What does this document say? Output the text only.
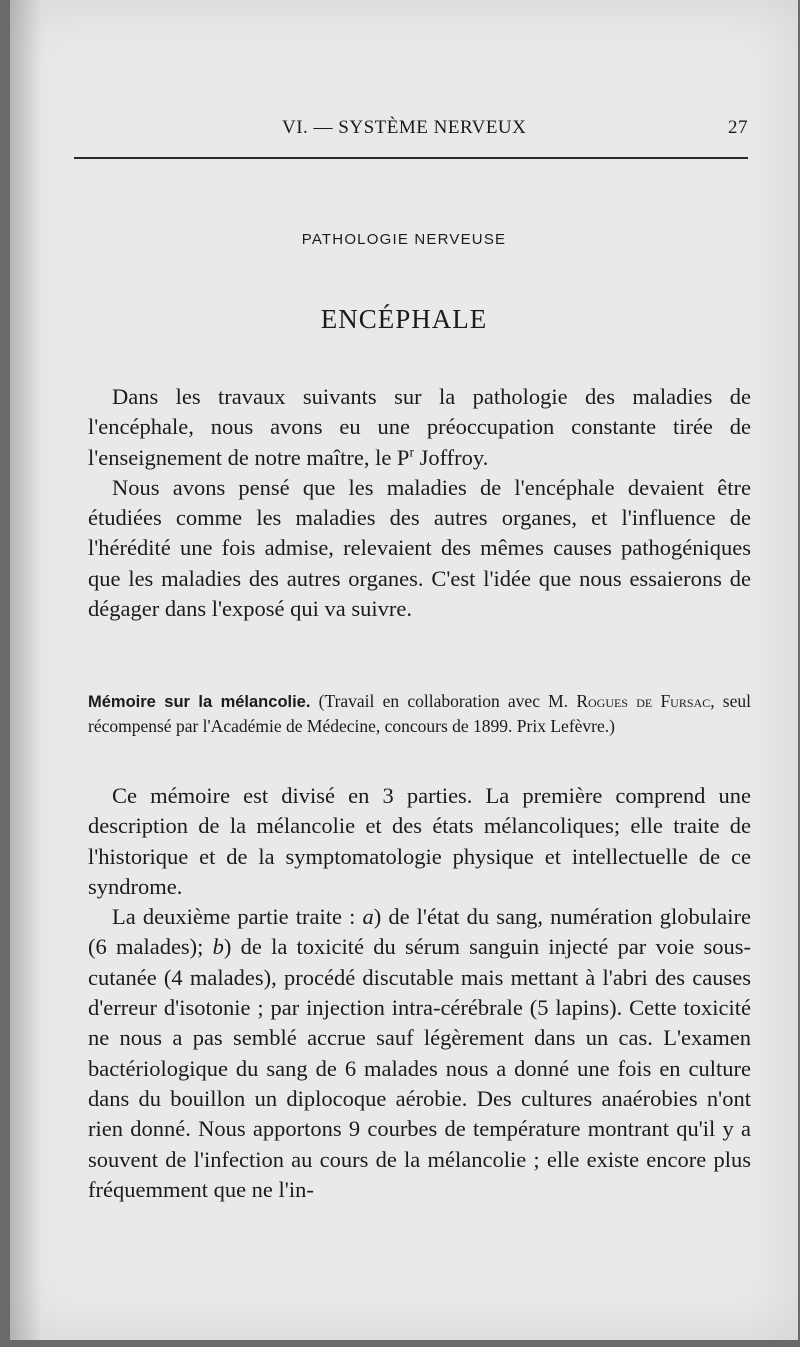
VI. — SYSTÈME NERVEUX	27
PATHOLOGIE NERVEUSE
ENCÉPHALE

Dans les travaux suivants sur la pathologie des maladies de l'encéphale, nous avons eu une préoccupation constante tirée de l'enseignement de notre maître, le $P^r$ Joffroy.

Nous avons pensé que les maladies de l'encéphale devaient être étudiées comme les maladies des autres organes, et l'influence de l'hérédité une fois admise, relevaient des mêmes causes pathogéniques que les maladies des autres organes. C'est l'idée que nous essaierons de dégager dans l'exposé qui va suivre.

Mémoire sur la mélancolie. (Travail en collaboration avec M. Rogues de Fursac, seul récompensé par l'Académie de Médecine, concours de 1899. Prix Lefèvre.)

Ce mémoire est divisé en 3 parties. La première comprend une description de la mélancolie et des états mélancoliques; elle traite de l'historique et de la symptomatologie physique et intellectuelle de ce syndrome.

La deuxième partie traite : a) de l'état du sang, numération globulaire (6 malades); b) de la toxicité du sérum sanguin injecté par voie sous-cutanée (4 malades), procédé discutable mais mettant à l'abri des causes d'erreur d'isotonie ; par injection intra-cérébrale (5 lapins). Cette toxicité ne nous a pas semblé accrue sauf légèrement dans un cas. L'examen bactériologique du sang de 6 malades nous a donné une fois en culture dans du bouillon un diplocoque aérobie. Des cultures anaérobies n'ont rien donné. Nous apportons 9 courbes de température montrant qu'il y a souvent de l'infection au cours de la mélancolie ; elle existe encore plus fréquemment que ne l'in-
